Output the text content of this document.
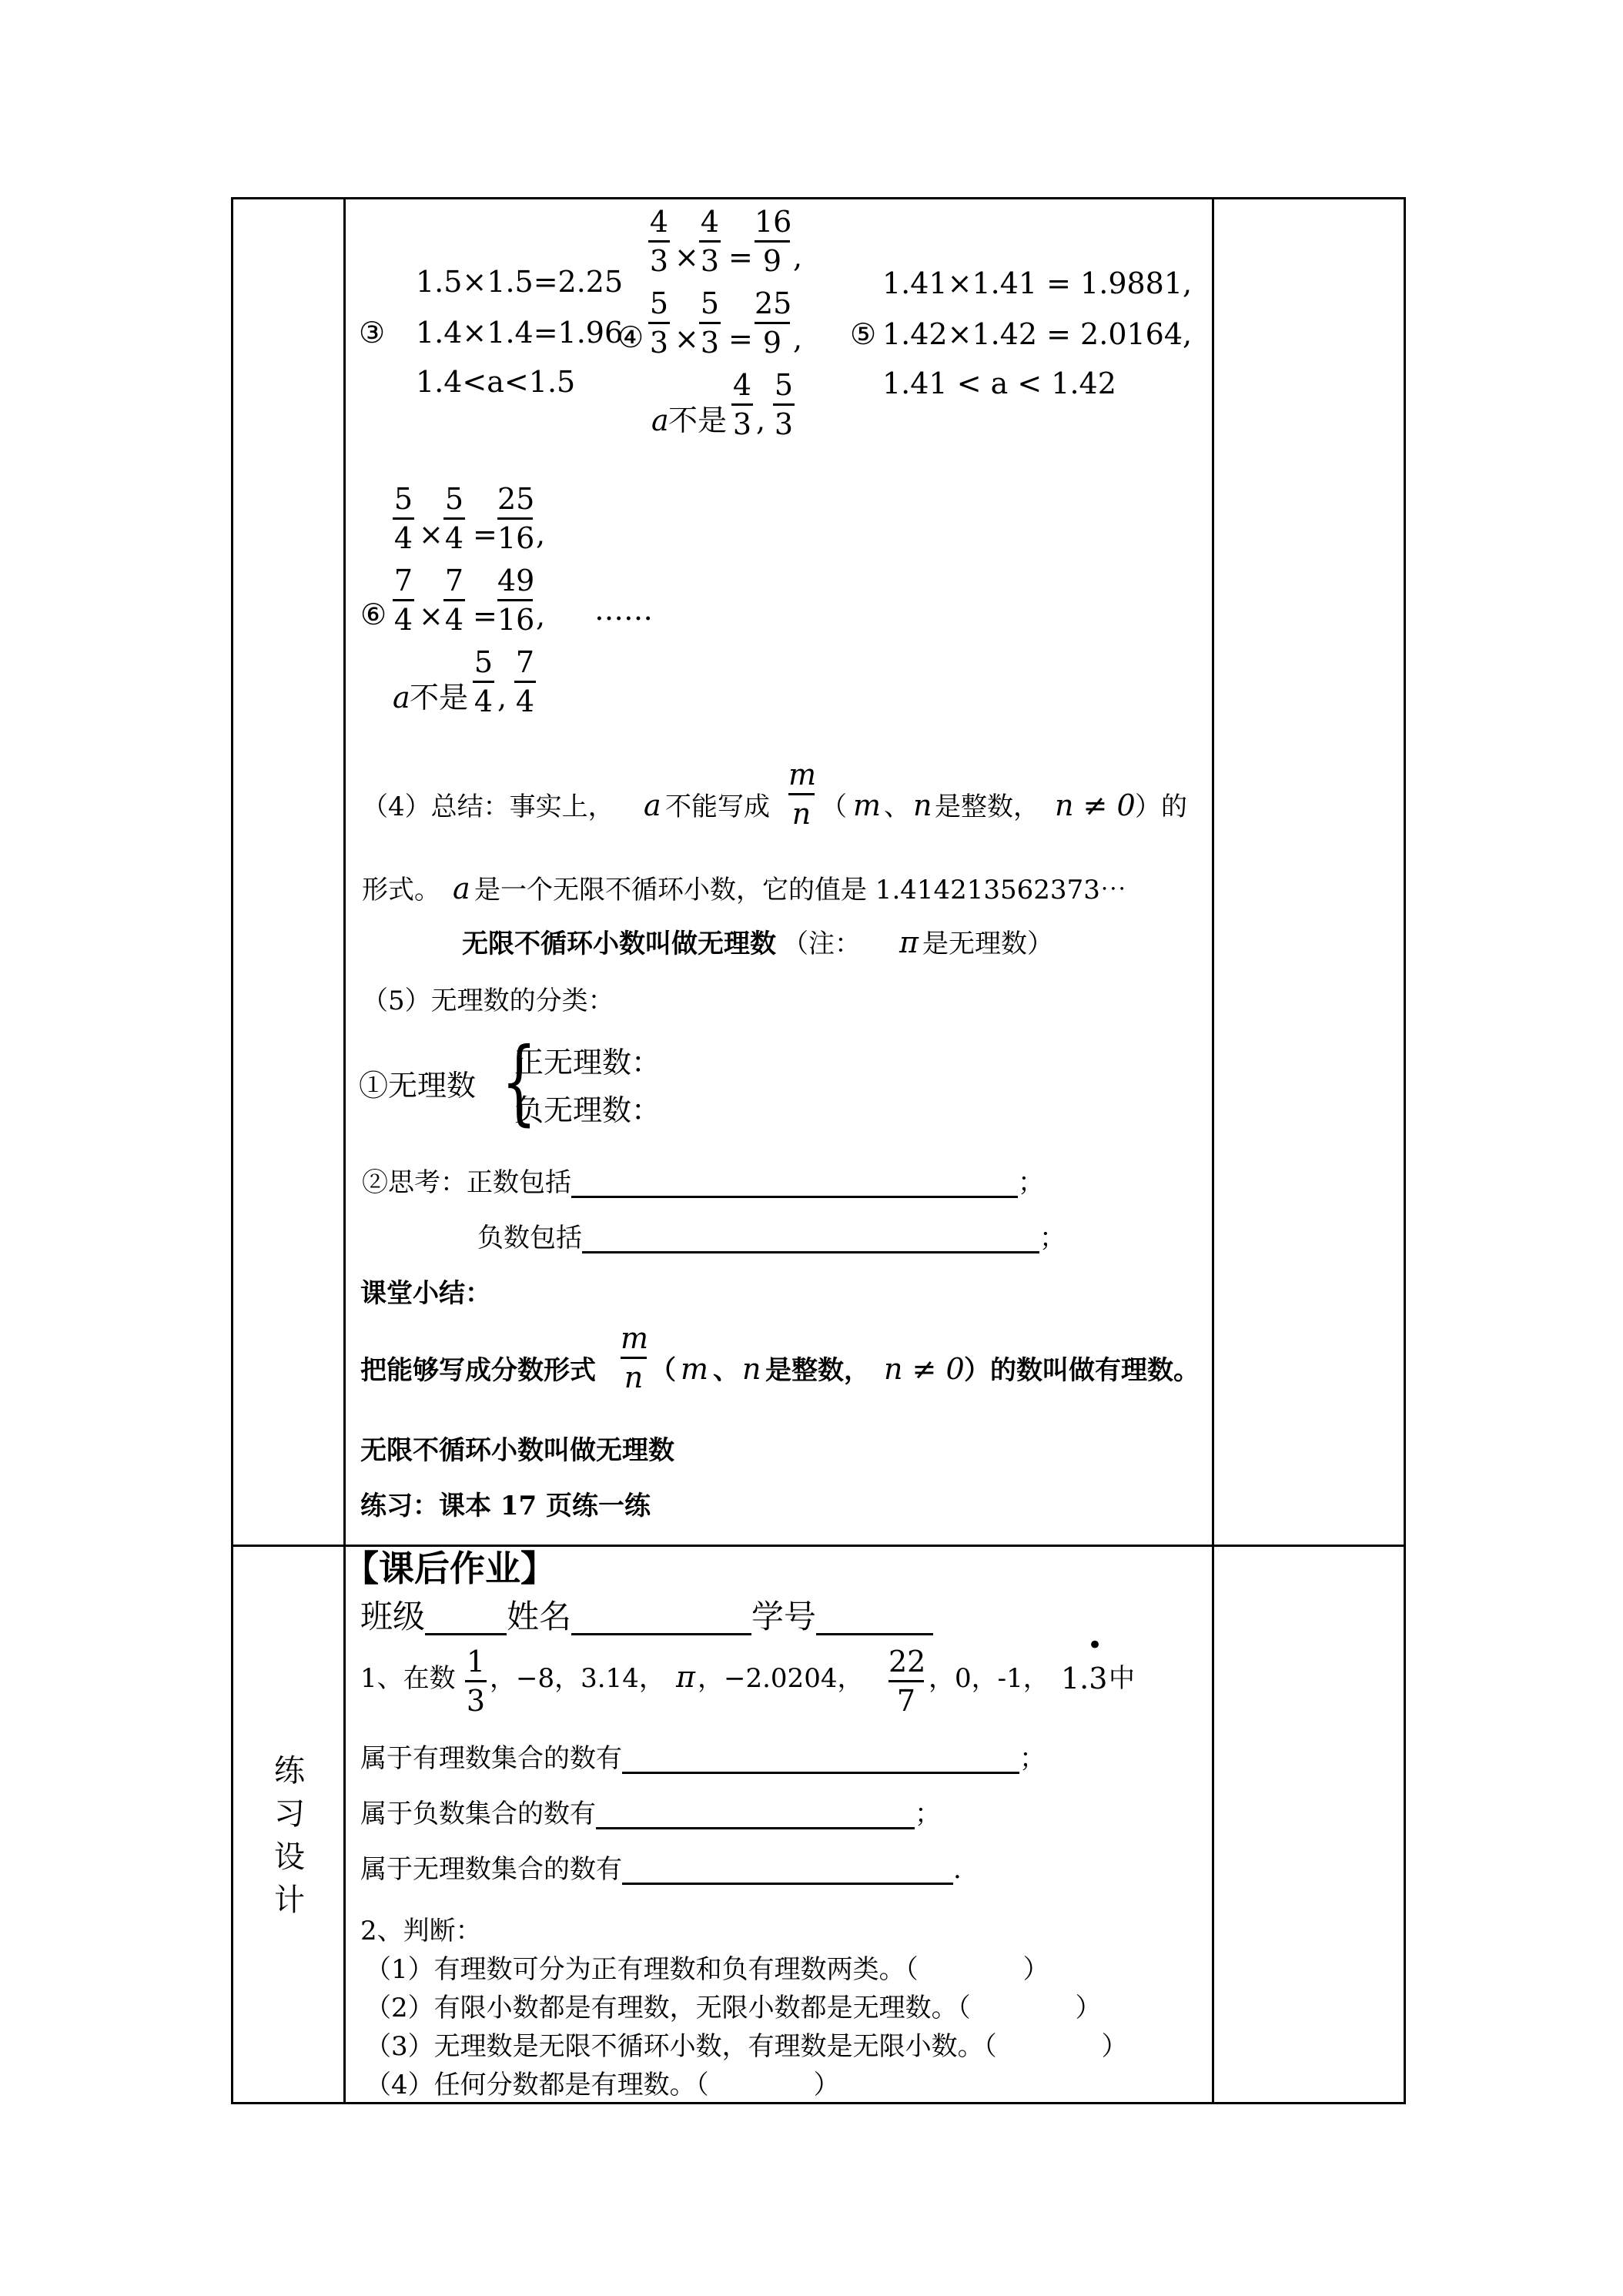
1.5×1.5=2.25
③ 1.4×1.4=1.96
1.4<a<1.5
4
3 ×
4
3 =
16
9 ,
④
5
3 ×
5
3 =
25
9 ,
a 不是
4
3 ,
5
3
1.41×1.41 = 1.9881,
⑤ 1.42×1.42 = 2.0164,
1.41 < a < 1.42
5
4 ×
5
4 =
25
16 ,
⑥
7
4 ×
7
4 =
49
16 , ……
a 不是
5
4 ,
7
4
（4）总结：事实上， a 不能写成
m
n （ m 、 n 是整数， n ≠ 0 ）的
形式。 a 是一个无限不循环小数，它的值是 1.414213562373⋯
无限不循环小数叫做无理数 （注： π 是无理数）
（5）无理数的分类：
①无理数 {
正无理数：
负无理数：
②思考：正数包括	；
负数包括	；
课堂小结：
把能够写成分数形式
m
n （ m 、 n 是整数， n ≠ 0 ）的数叫做有理数。
无限不循环小数叫做无理数
练习：课本 17 页练一练
练
习
设
计
【课后作业】
班级	姓名	学号
1、在数 1
3
，−8，3.14， π ，−2.0204， 22
7
，0，-1， 1.3
•
中
属于有理数集合的数有	；
属于负数集合的数有	；
属于无理数集合的数有	.
2、判断：
（1）有理数可分为正有理数和负有理数两类。（　　　　）
（2）有限小数都是有理数，无限小数都是无理数。（　　　　）
（3）无理数是无限不循环小数，有理数是无限小数。（　　　　）
（4）任何分数都是有理数。（　　　　）
